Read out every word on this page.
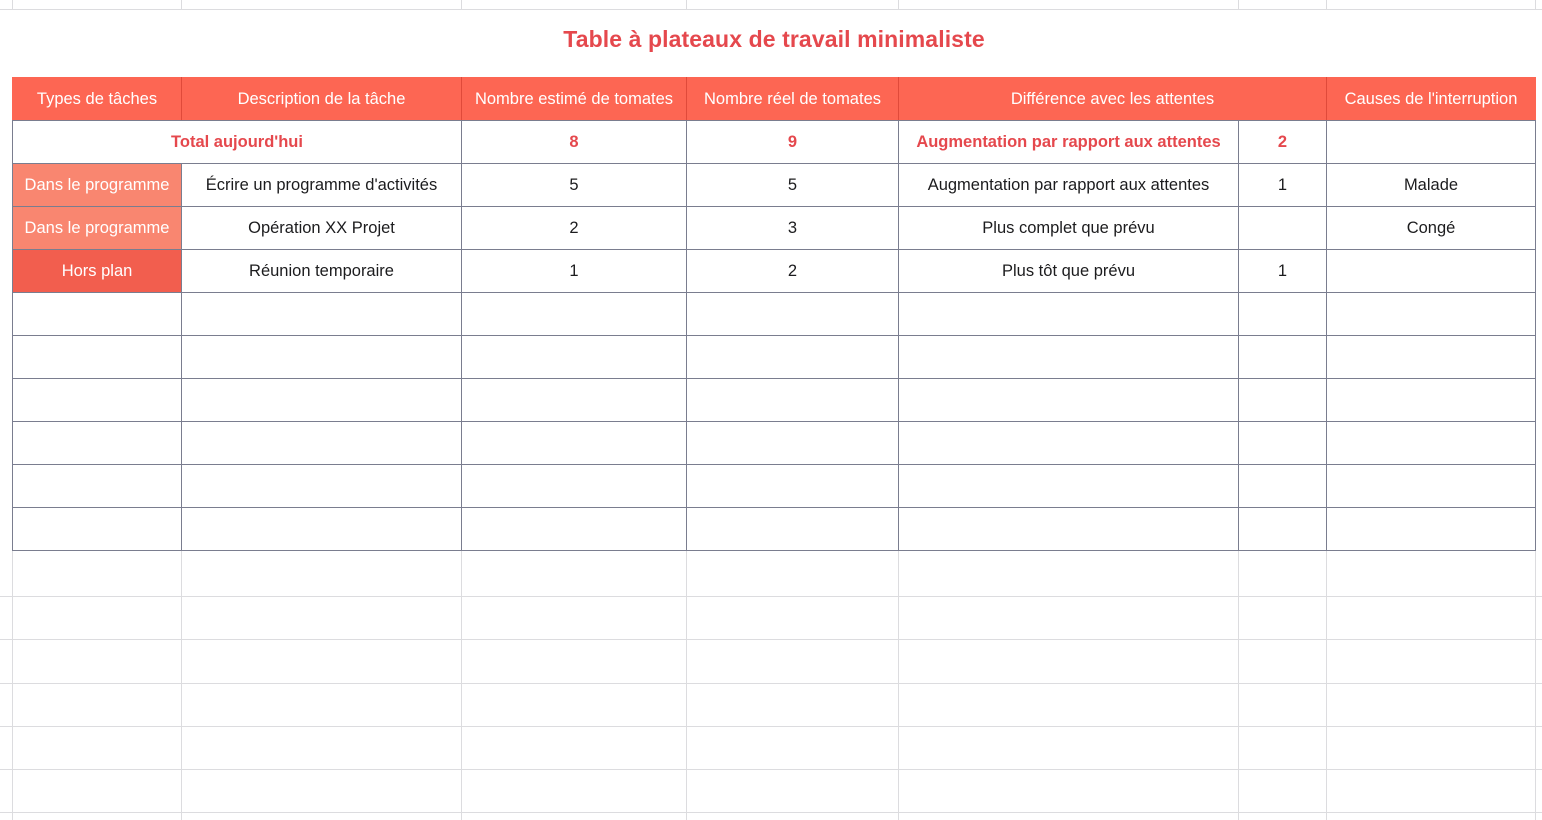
Table à plateaux de travail minimaliste
Types de tâches	Description de la tâche	Nombre estimé de tomates	Nombre réel de tomates	Différence avec les attentes		Causes de l'interruption
Total aujourd'hui		8	9	Augmentation par rapport aux attentes	2	
Dans le programme	Écrire un programme d'activités	5	5	Augmentation par rapport aux attentes	1	Malade
Dans le programme	Opération XX Projet	2	3	Plus complet que prévu		Congé
Hors plan	Réunion temporaire	1	2	Plus tôt que prévu	1	
